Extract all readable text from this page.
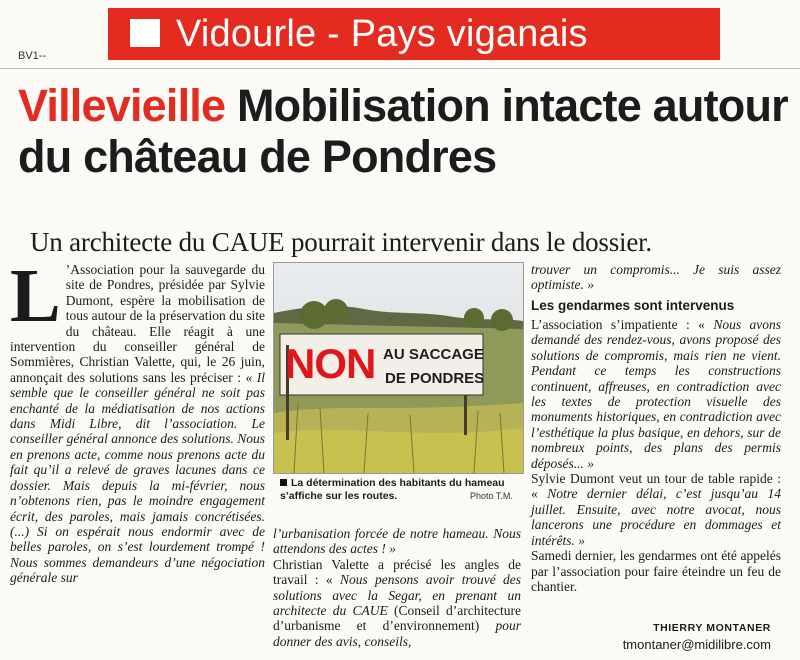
Vidourle - Pays viganais
BV1--
Villevieille Mobilisation intacte autour du château de Pondres
Un architecte du CAUE pourrait intervenir dans le dossier.
L ’Association pour la sauvegarde du site de Pondres, présidée par Sylvie Dumont, espère la mobilisation de tous autour de la préservation du site du château. Elle réagit à une intervention du conseiller général de Sommières, Christian Valette, qui, le 26 juin, annonçait des solutions sans les préciser : « Il semble que le conseiller général ne soit pas enchanté de la médiatisation de nos actions dans Midi Libre, dit l’association. Le conseiller général annonce des solutions. Nous en prenons acte, comme nous prenons acte du fait qu’il a relevé de graves lacunes dans ce dossier. Mais depuis la mi-février, nous n’obtenons rien, pas le moindre engagement écrit, des paroles, mais jamais concrétisées. (...) Si on espérait nous endormir avec de belles paroles, on s’est lourdement trompé ! Nous sommes demandeurs d’une négociation générale sur
NON AU SACCAGE
DE PONDRES
La détermination des habitants du hameau s’affiche sur les routes.	Photo T.M.
l’urbanisation forcée de notre hameau. Nous attendons des actes ! »
Christian Valette a précisé les angles de travail : « Nous pensons avoir trouvé des solutions avec la Segar, en prenant un architecte du CAUE (Conseil d’architecture d’urbanisme et d’environnement) pour donner des avis, conseils,
trouver un compromis... Je suis assez optimiste. »
Les gendarmes sont intervenus
L’association s’impatiente : « Nous avons demandé des rendez-vous, avons proposé des solutions de compromis, mais rien ne vient. Pendant ce temps les constructions continuent, affreuses, en contradiction avec les textes de protection visuelle des monuments historiques, en contradiction avec l’esthétique la plus basique, en dehors, sur de nombreux points, des plans des permis déposés... »
Sylvie Dumont veut un tour de table rapide : « Notre dernier délai, c’est jusqu’au 14 juillet. Ensuite, avec notre avocat, nous lancerons une procédure en dommages et intérêts. »
Samedi dernier, les gendarmes ont été appelés par l’association pour faire éteindre un feu de chantier.
THIERRY MONTANER
tmontaner@midilibre.com
